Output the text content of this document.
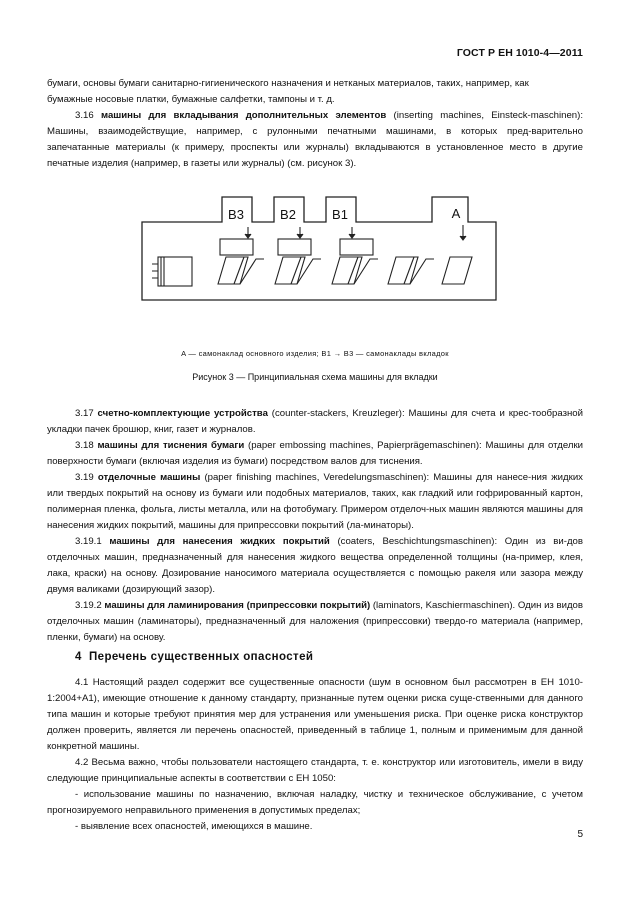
ГОСТ Р ЕН 1010-4—2011

бумаги, основы бумаги санитарно-гигиенического назначения и нетканых материалов, таких, например, как

бумажные носовые платки, бумажные салфетки, тампоны и т. д.

3.16 машины для вкладывания дополнительных элементов (inserting machines, Einsteck-maschinen): Машины, взаимодействущие, например, с рулонными печатными машинами, в которых пред-варительно запечатанные материалы (к примеру, проспекты или журналы) вкладываются в установленное место в другие печатные изделия (например, в газеты или журналы) (см. рисунок 3).

B3	B2	B1	A
A — самонаклад основного изделия; B1 → B3 — самонаклады вкладок
Рисунок 3 — Принципиальная схема машины для вкладки

3.17 счетно-комплектующие устройства (counter-stackers, Kreuzleger): Машины для счета и крес-тообразной укладки пачек брошюр, книг, газет и журналов.

3.18 машины для тиснения бумаги (paper embossing machines, Papierprägemaschinen): Машины для отделки поверхности бумаги (включая изделия из бумаги) посредством валов для тиснения.

3.19 отделочные машины (paper finishing machines, Veredelungsmaschinen): Машины для нанесе-ния жидких или твердых покрытий на основу из бумаги или подобных материалов, таких, как гладкий или гофрированный картон, полимерная пленка, фольга, листы металла, или на фотобумагу. Примером отделоч-ных машин являются машины для нанесения жидких покрытий, машины для припрессовки покрытий (ла-минаторы).

3.19.1 машины для нанесения жидких покрытий (coaters, Beschichtungsmaschinen): Один из ви-дов отделочных машин, предназначенный для нанесения жидкого вещества определенной толщины (на-пример, клея, лака, краски) на основу. Дозирование наносимого материала осуществляется с помощью ракеля или зазора между двумя валиками (дозирующий зазор).

3.19.2 машины для ламинирования (припрессовки покрытий) (laminators, Kaschiermaschinen). Один из видов отделочных машин (ламинаторы), предназначенный для наложения (припрессовки) твердо-го материала (например, пленки, бумаги) на основу.

4 Перечень существенных опасностей

4.1 Настоящий раздел содержит все существенные опасности (шум в основном был рассмотрен в ЕН 1010-1:2004+А1), имеющие отношение к данному стандарту, признанные путем оценки риска суще-ственными для данного типа машин и которые требуют принятия мер для устранения или уменьшения риска. При оценке риска конструктор должен проверить, является ли перечень опасностей, приведенный в таблице 1, полным и применимым для данной конкретной машины.

4.2 Весьма важно, чтобы пользователи настоящего стандарта, т. е. конструктор или изготовитель, имели в виду следующие принципиальные аспекты в соответствии с ЕН 1050:

- использование машины по назначению, включая наладку, чистку и техническое обслуживание, с учетом прогнозируемого неправильного применения в допустимых пределах;

- выявление всех опасностей, имеющихся в машине.

5
